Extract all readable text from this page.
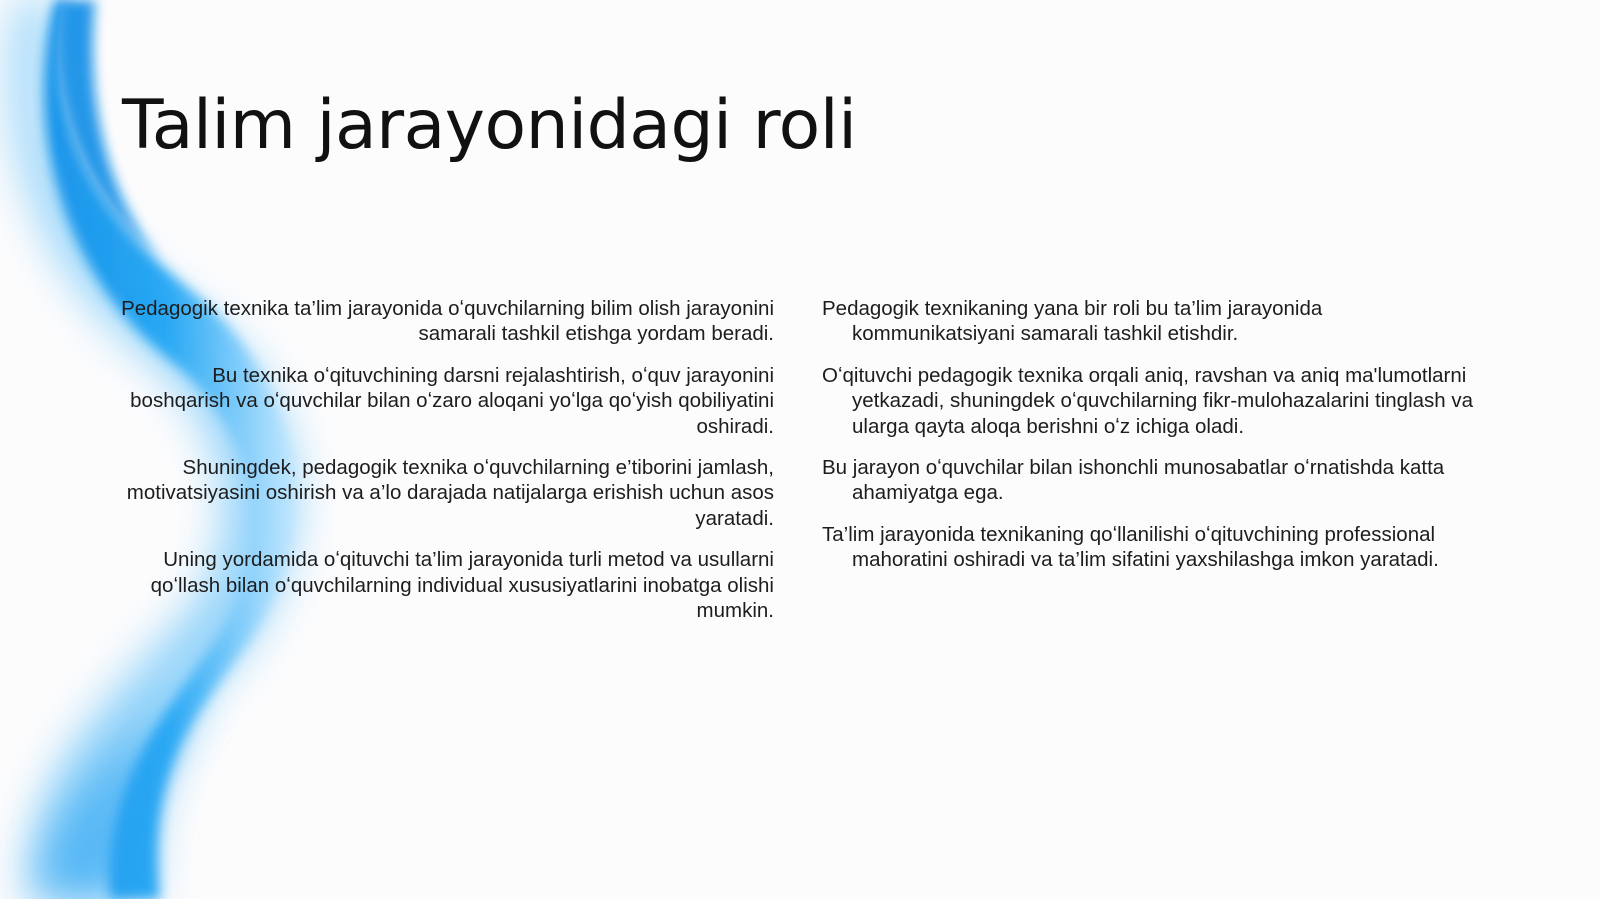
Talim jarayonidagi roli

Pedagogik texnika ta’lim jarayonida oʻquvchilarning bilim olish jarayonini samarali tashkil etishga yordam beradi.

Bu texnika oʻqituvchining darsni rejalashtirish, oʻquv jarayonini boshqarish va oʻquvchilar bilan oʻzaro aloqani yoʻlga qoʻyish qobiliyatini oshiradi.

Shuningdek, pedagogik texnika oʻquvchilarning e’tiborini jamlash, motivatsiyasini oshirish va a’lo darajada natijalarga erishish uchun asos yaratadi.

Uning yordamida oʻqituvchi ta’lim jarayonida turli metod va usullarni qoʻllash bilan oʻquvchilarning individual xususiyatlarini inobatga olishi mumkin.

Pedagogik texnikaning yana bir roli bu ta’lim jarayonida kommunikatsiyani samarali tashkil etishdir.

Oʻqituvchi pedagogik texnika orqali aniq, ravshan va aniq ma'lumotlarni yetkazadi, shuningdek oʻquvchilarning fikr-mulohazalarini tinglash va ularga qayta aloqa berishni oʻz ichiga oladi.

Bu jarayon oʻquvchilar bilan ishonchli munosabatlar oʻrnatishda katta ahamiyatga ega.

Ta’lim jarayonida texnikaning qoʻllanilishi oʻqituvchining professional mahoratini oshiradi va ta’lim sifatini yaxshilashga imkon yaratadi.
